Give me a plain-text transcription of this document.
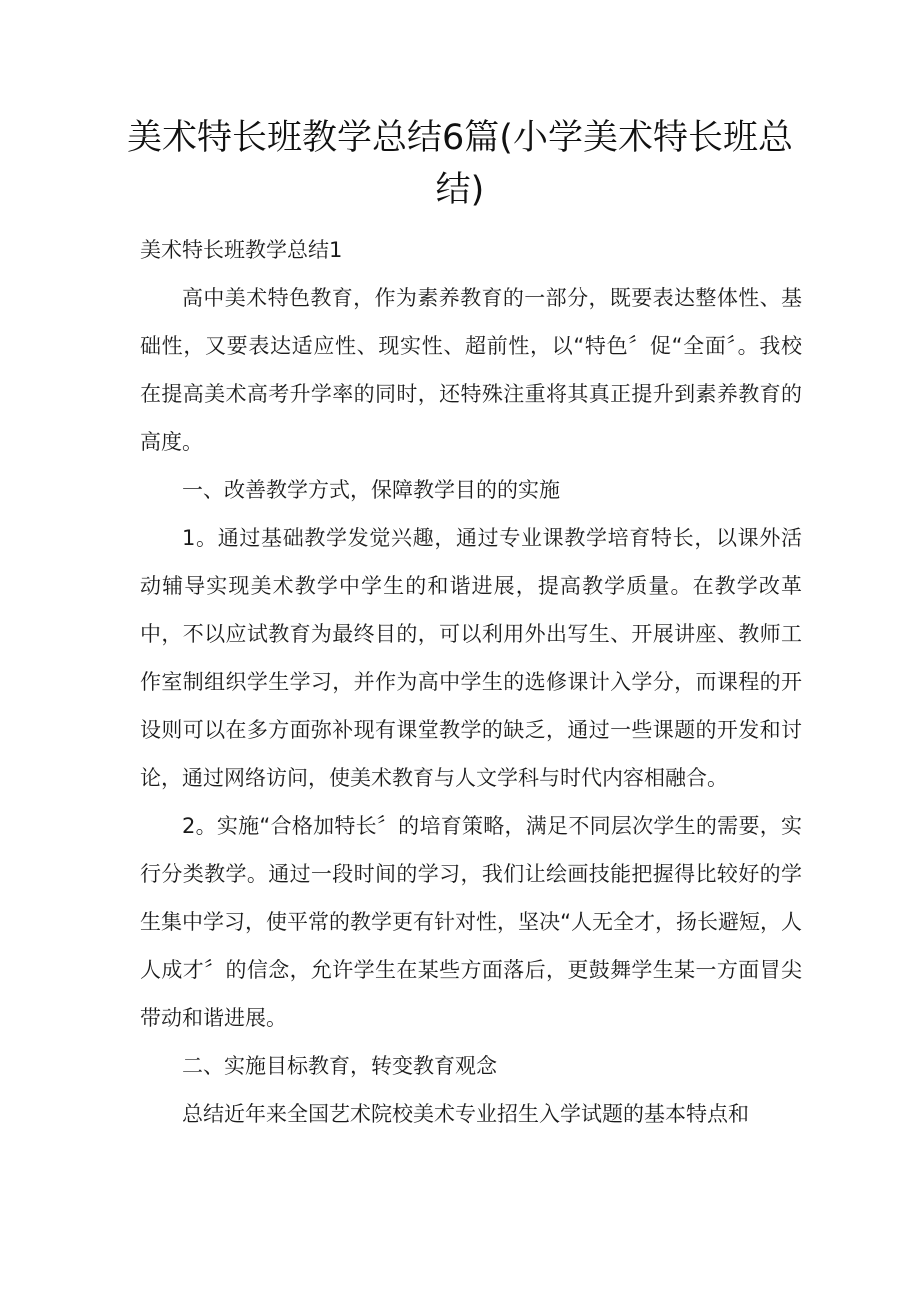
美术特长班教学总结6篇(小学美术特长班总结)

美术特长班教学总结1

高中美术特色教育，作为素养教育的一部分，既要表达整体性、基础性，又要表达适应性、现实性、超前性，以“特色〞促“全面〞。我校在提高美术高考升学率的同时，还特殊注重将其真正提升到素养教育的高度。

一、改善教学方式，保障教学目的的实施

1。通过基础教学发觉兴趣，通过专业课教学培育特长，以课外活动辅导实现美术教学中学生的和谐进展，提高教学质量。在教学改革中，不以应试教育为最终目的，可以利用外出写生、开展讲座、教师工作室制组织学生学习，并作为高中学生的选修课计入学分，而课程的开设则可以在多方面弥补现有课堂教学的缺乏，通过一些课题的开发和讨论，通过网络访问，使美术教育与人文学科与时代内容相融合。

2。实施“合格加特长〞的培育策略，满足不同层次学生的需要，实行分类教学。通过一段时间的学习，我们让绘画技能把握得比较好的学生集中学习，使平常的教学更有针对性，坚决“人无全才，扬长避短，人人成才〞的信念，允许学生在某些方面落后，更鼓舞学生某一方面冒尖带动和谐进展。

二、实施目标教育，转变教育观念

总结近年来全国艺术院校美术专业招生入学试题的基本特点和
